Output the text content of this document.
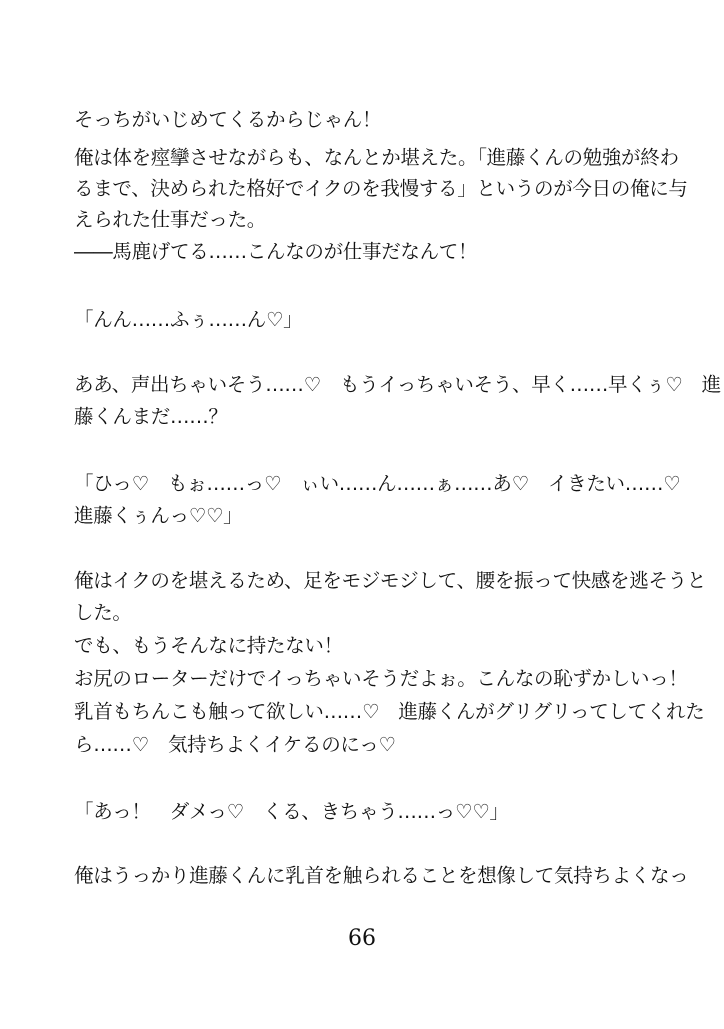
そっちがいじめてくるからじゃん！
俺は体を痙攣させながらも、なんとか堪えた。「進藤くんの勉強が終わ
るまで、決められた格好でイクのを我慢する」というのが今日の俺に与
えられた仕事だった。
――馬鹿げてる……こんなのが仕事だなんて！
「んん……ふぅ……ん♡」
ああ、声出ちゃいそう……♡　もうイっちゃいそう、早く……早くぅ♡　進
藤くんまだ……？
「ひっ♡　もぉ……っ♡　ぃい……ん……ぁ……あ♡　イきたい……♡
進藤くぅんっ♡♡」
俺はイクのを堪えるため、足をモジモジして、腰を振って快感を逃そうと
した。
でも、もうそんなに持たない！
お尻のローターだけでイっちゃいそうだよぉ。こんなの恥ずかしいっ！
乳首もちんこも触って欲しい……♡　進藤くんがグリグリってしてくれた
ら……♡　気持ちよくイケるのにっ♡
「あっ！　ダメっ♡　くる、きちゃう……っ♡♡」
俺はうっかり進藤くんに乳首を触られることを想像して気持ちよくなっ
66
